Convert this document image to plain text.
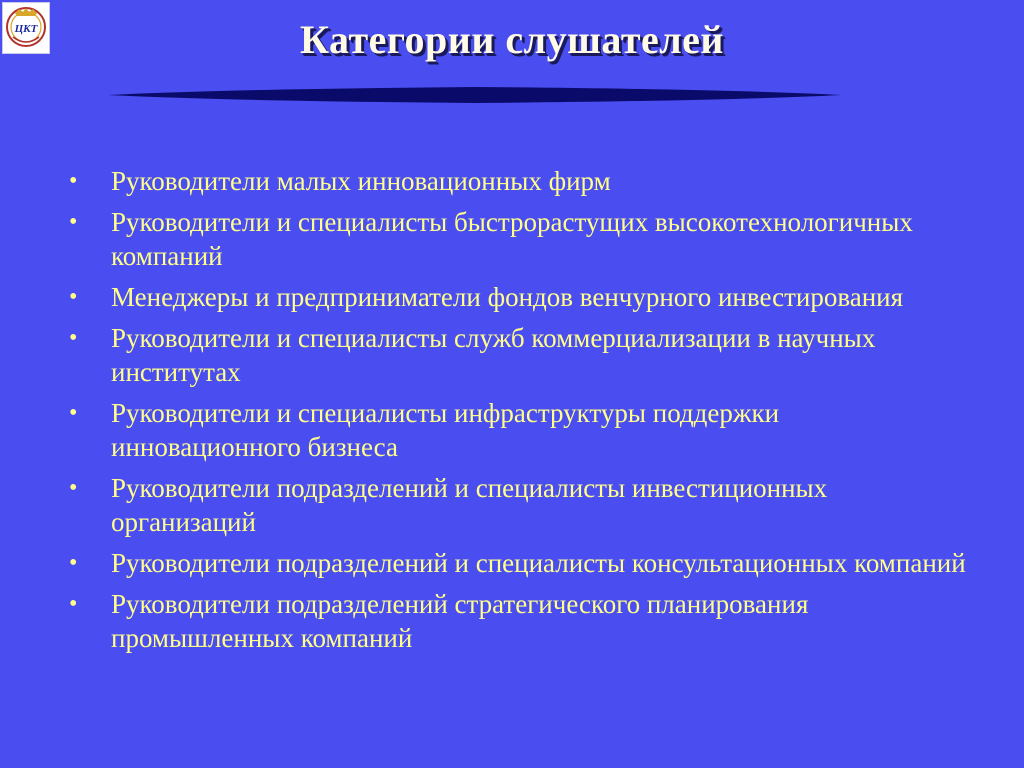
ЦКТ	Категории слушателей
• Руководители малых инновационных фирм
• Руководители и специалисты быстрорастущих высокотехнологичных компаний
• Менеджеры и предприниматели фондов венчурного инвестирования
• Руководители и специалисты служб коммерциализации в научных институтах
• Руководители и специалисты инфраструктуры поддержки инновационного бизнеса
• Руководители подразделений и специалисты инвестиционных организаций
• Руководители подразделений и специалисты консультационных компаний
• Руководители подразделений стратегического планирования промышленных компаний
